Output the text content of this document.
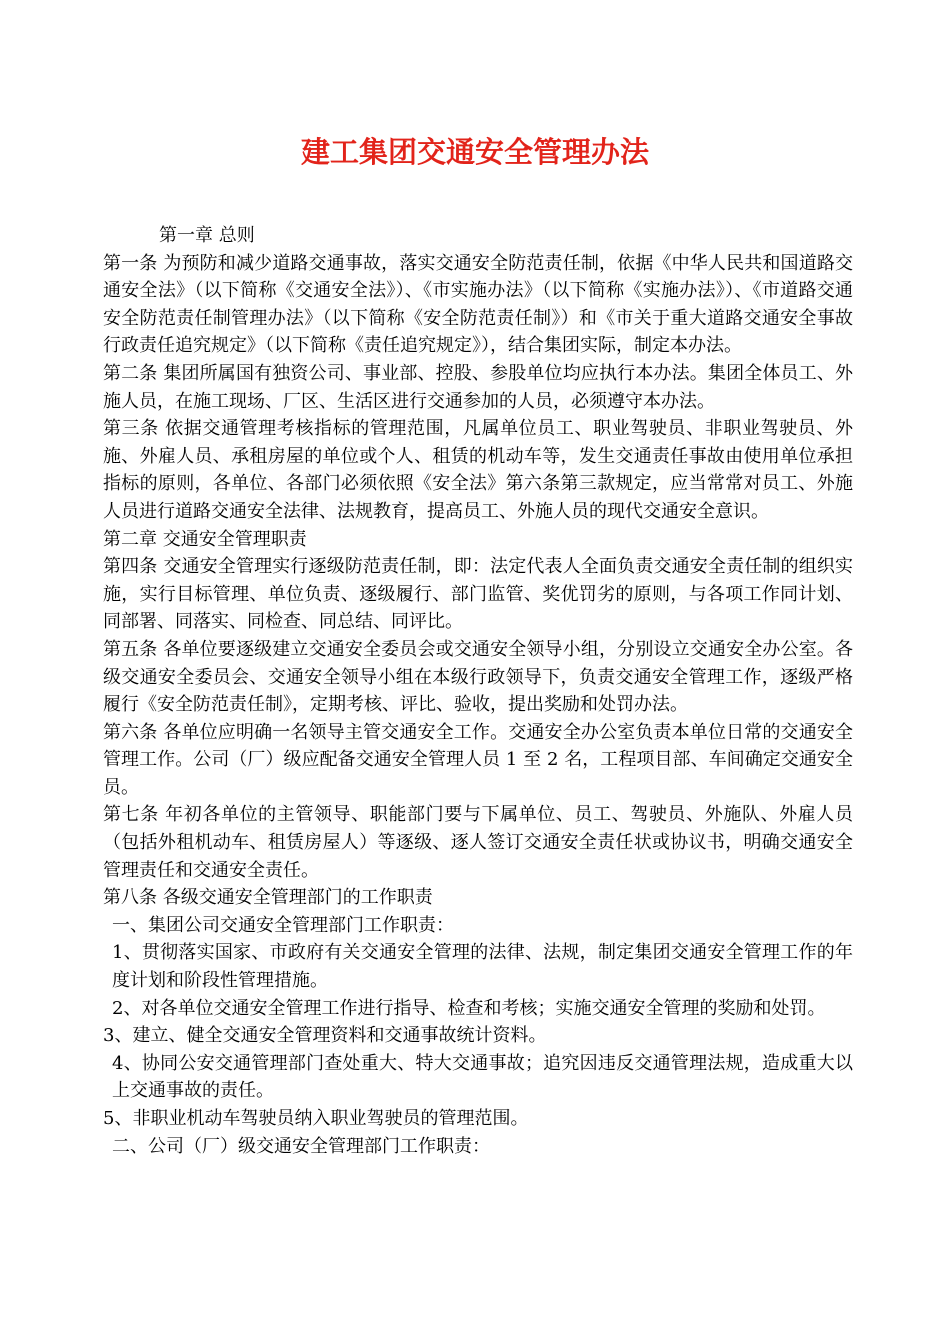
建工集团交通安全管理办法

第一章 总则

第一条 为预防和减少道路交通事故，落实交通安全防范责任制，依据《中华人民共和国道路交通安全法》（以下简称《交通安全法》）、《市实施办法》（以下简称《实施办法》）、《市道路交通安全防范责任制管理办法》（以下简称《安全防范责任制》）和《市关于重大道路交通安全事故行政责任追究规定》（以下简称《责任追究规定》），结合集团实际，制定本办法。

第二条 集团所属国有独资公司、事业部、控股、参股单位均应执行本办法。集团全体员工、外施人员，在施工现场、厂区、生活区进行交通参加的人员，必须遵守本办法。

第三条 依据交通管理考核指标的管理范围，凡属单位员工、职业驾驶员、非职业驾驶员、外施、外雇人员、承租房屋的单位或个人、租赁的机动车等，发生交通责任事故由使用单位承担指标的原则，各单位、各部门必须依照《安全法》第六条第三款规定，应当常常对员工、外施人员进行道路交通安全法律、法规教育，提高员工、外施人员的现代交通安全意识。

第二章 交通安全管理职责

第四条 交通安全管理实行逐级防范责任制，即：法定代表人全面负责交通安全责任制的组织实施，实行目标管理、单位负责、逐级履行、部门监管、奖优罚劣的原则，与各项工作同计划、同部署、同落实、同检查、同总结、同评比。

第五条 各单位要逐级建立交通安全委员会或交通安全领导小组，分别设立交通安全办公室。各级交通安全委员会、交通安全领导小组在本级行政领导下，负责交通安全管理工作，逐级严格履行《安全防范责任制》，定期考核、评比、验收，提出奖励和处罚办法。

第六条 各单位应明确一名领导主管交通安全工作。交通安全办公室负责本单位日常的交通安全管理工作。公司（厂）级应配备交通安全管理人员 1 至 2 名，工程项目部、车间确定交通安全员。

第七条 年初各单位的主管领导、职能部门要与下属单位、员工、驾驶员、外施队、外雇人员（包括外租机动车、租赁房屋人）等逐级、逐人签订交通安全责任状或协议书，明确交通安全管理责任和交通安全责任。

第八条 各级交通安全管理部门的工作职责

一、集团公司交通安全管理部门工作职责：

1、贯彻落实国家、市政府有关交通安全管理的法律、法规，制定集团交通安全管理工作的年度计划和阶段性管理措施。

2、对各单位交通安全管理工作进行指导、检查和考核；实施交通安全管理的奖励和处罚。

3、建立、健全交通安全管理资料和交通事故统计资料。

4、协同公安交通管理部门查处重大、特大交通事故；追究因违反交通管理法规，造成重大以上交通事故的责任。

5、非职业机动车驾驶员纳入职业驾驶员的管理范围。

二、公司（厂）级交通安全管理部门工作职责：
